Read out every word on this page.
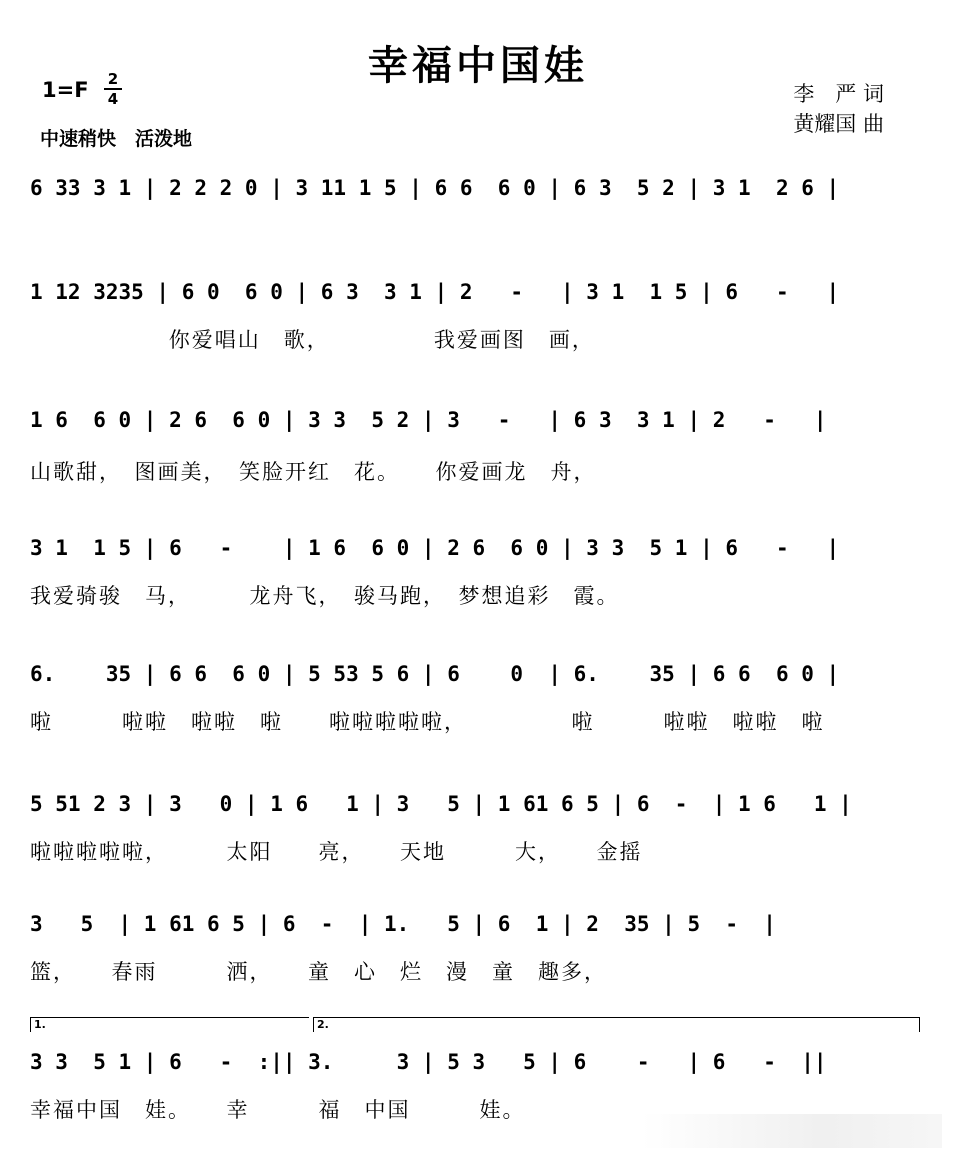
幸福中国娃
1=F 2
4
中速稍快　活泼地
李　严 词
黄耀国 曲
6 33 3 1 | 2 2 2 0 | 3 11 1 5 | 6 6  6 0 | 6 3  5 2 | 3 1  2 6 |
1 12 3235 | 6 0  6 0 | 6 3  3 1 | 2   -   | 3 1  1 5 | 6   -   |
你爱唱山　歌，            我爱画图　画，
1 6  6 0 | 2 6  6 0 | 3 3  5 2 | 3   -   | 6 3  3 1 | 2   -   |
山歌甜，　图画美，　笑脸开红　花。　　你爱画龙　舟，
3 1  1 5 | 6   -    | 1 6  6 0 | 2 6  6 0 | 3 3  5 1 | 6   -   |
我爱骑骏　马，　　　龙舟飞，　骏马跑，　梦想追彩　霞。
6.    35 | 6 6  6 0 | 5 53 5 6 | 6    0  | 6.    35 | 6 6  6 0 |
啦　　　啦啦　啦啦　啦　　啦啦啦啦啦，　　　　　啦　　　啦啦　啦啦　啦
5 51 2 3 | 3   0 | 1 6   1 | 3   5 | 1 61 6 5 | 6  -  | 1 6   1 |
啦啦啦啦啦，　　　太阳　　亮，　　天地　　　大，　　金摇
3   5  | 1 61 6 5 | 6  -  | 1.   5 | 6  1 | 2  35 | 5  -  |
篮，　　春雨　　　洒，　　童　心　烂　漫　童　趣多，
1.	2.
3 3  5 1 | 6   -  :|| 3.     3 | 5 3   5 | 6    -   | 6   -  ||
幸福中国　娃。　　幸　　　福　中国　　　娃。
